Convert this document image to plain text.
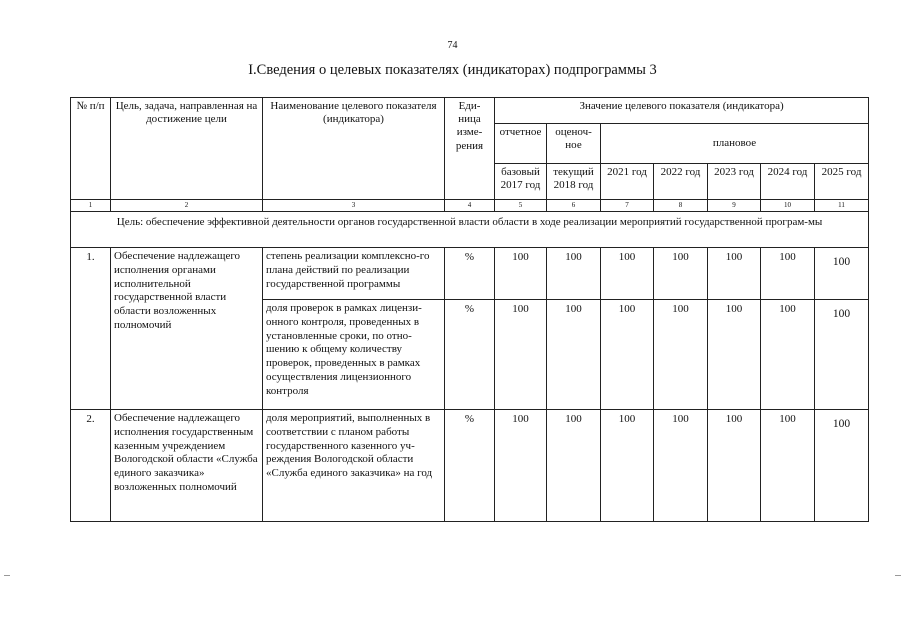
74
I.Сведения о целевых показателях (индикаторах) подпрограммы 3
№ п/п	Цель, задача, направленная на достижение цели	Наименование целевого показателя (индикатора)	Еди-ница изме-рения	Значение целевого показателя (индикатора)						
				отчетное	оценоч-ное	плановое				
				базовый 2017 год	текущий 2018 год	2021 год	2022 год	2023 год	2024 год	2025 год
1	2	3	4	5	6	7	8	9	10	11
Цель: обеспечение эффективной деятельности органов государственной власти области в ходе реализации мероприятий государственной програм-мы										
1.	Обеспечение надлежащего исполнения органами исполнительной государственной власти области возложенных полномочий	степень реализации комплексно-го плана действий по реализации государственной программы	%	100	100	100	100	100	100	100
		доля проверок в рамках лицензи-онного контроля, проведенных в установленные сроки, по отно-шению к общему количеству проверок, проведенных в рамках осуществления лицензионного контроля	%	100	100	100	100	100	100	100
2.	Обеспечение надлежащего исполнения государственным казенным учреждением Вологодской области «Служба единого заказчика» возложенных полномочий	доля мероприятий, выполненных в соответствии с планом работы государственного казенного уч-реждения Вологодской области «Служба единого заказчика» на год	%	100	100	100	100	100	100	100
